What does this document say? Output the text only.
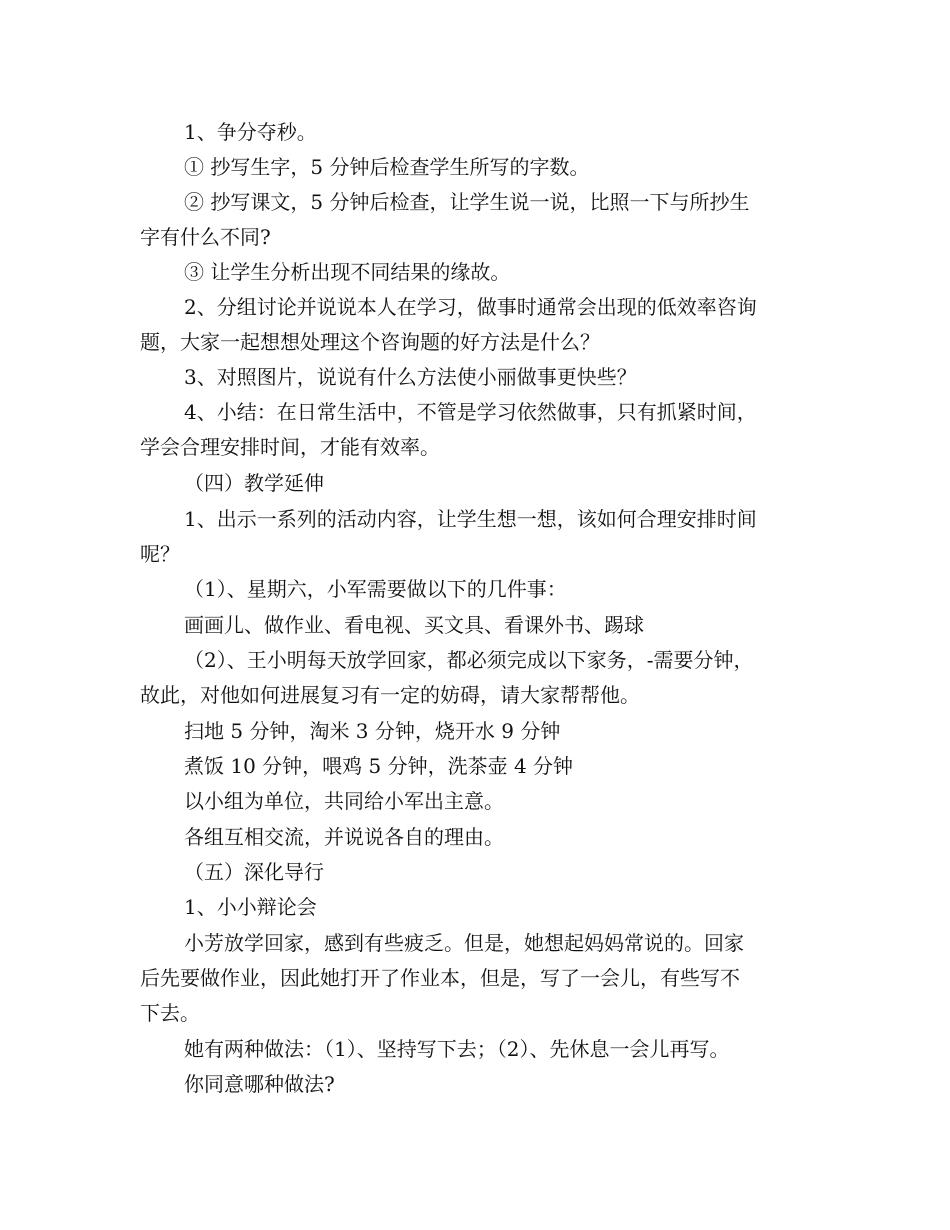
1、争分夺秒。
① 抄写生字，5 分钟后检查学生所写的字数。
② 抄写课文，5 分钟后检查，让学生说一说，比照一下与所抄生
字有什么不同?
③ 让学生分析出现不同结果的缘故。
2、分组讨论并说说本人在学习，做事时通常会出现的低效率咨询
题，大家一起想想处理这个咨询题的好方法是什么？
3、对照图片，说说有什么方法使小丽做事更快些？
4、小结：在日常生活中，不管是学习依然做事，只有抓紧时间，
学会合理安排时间，才能有效率。
（四）教学延伸
1、出示一系列的活动内容，让学生想一想，该如何合理安排时间
呢？
（1）、星期六，小军需要做以下的几件事：
画画儿、做作业、看电视、买文具、看课外书、踢球
（2）、王小明每天放学回家，都必须完成以下家务，-需要分钟，
故此，对他如何进展复习有一定的妨碍，请大家帮帮他。
扫地 5 分钟，淘米 3 分钟，烧开水 9 分钟
煮饭 10 分钟，喂鸡 5 分钟，洗茶壶 4 分钟
以小组为单位，共同给小军出主意。
各组互相交流，并说说各自的理由。
（五）深化导行
1、小小辩论会
小芳放学回家，感到有些疲乏。但是，她想起妈妈常说的。回家
后先要做作业，因此她打开了作业本，但是，写了一会儿，有些写不
下去。
她有两种做法：（1）、坚持写下去；（2）、先休息一会儿再写。
你同意哪种做法?
